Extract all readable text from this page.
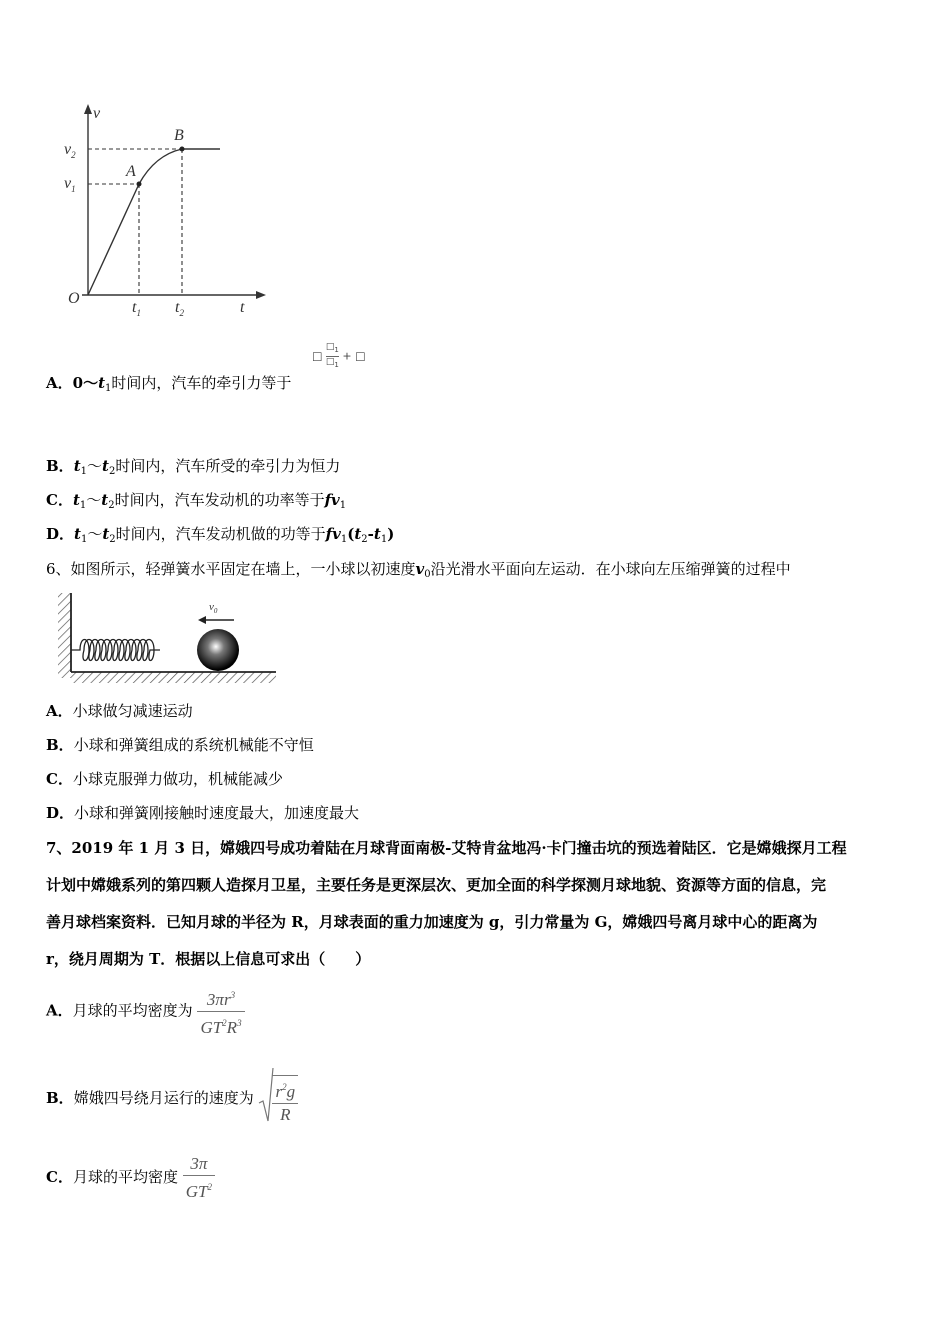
v
t
O
A
B
$v_2$
$v_1$
$t_1$ $t_2$
□ $\frac{□_1}{□_1}$ + □
A．$0\sim t_1$时间内，汽车的牵引力等于
B．$t_1\sim t_2$时间内，汽车所受的牵引力为恒力
C．$t_1\sim t_2$时间内，汽车发动机的功率等于$fv_1$
D．$t_1\sim t_2$时间内，汽车发动机做的功等于$fv_1(t_2-t_1)$
6、如图所示，轻弹簧水平固定在墙上，一小球以初速度$v_0$沿光滑水平面向左运动．在小球向左压缩弹簧的过程中
$v_0$
A．小球做匀减速运动
B．小球和弹簧组成的系统机械能不守恒
C．小球克服弹力做功，机械能减少
D．小球和弹簧刚接触时速度最大，加速度最大
7、2019 年 1 月 3 日，嫦娥四号成功着陆在月球背面南极-艾特肯盆地冯·卡门撞击坑的预选着陆区．它是嫦娥探月工程
计划中嫦娥系列的第四颗人造探月卫星，主要任务是更深层次、更加全面的科学探测月球地貌、资源等方面的信息，完
善月球档案资料．已知月球的半径为 R，月球表面的重力加速度为 g，引力常量为 G，嫦娥四号离月球中心的距离为
r，绕月周期为 T．根据以上信息可求出（　　）
A．月球的平均密度为 $\frac{3\pi r^3}{GT^2R^3}$
B．嫦娥四号绕月运行的速度为 $\frac{r^2g}{R}$
C．月球的平均密度 $\frac{3\pi}{GT^2}$
